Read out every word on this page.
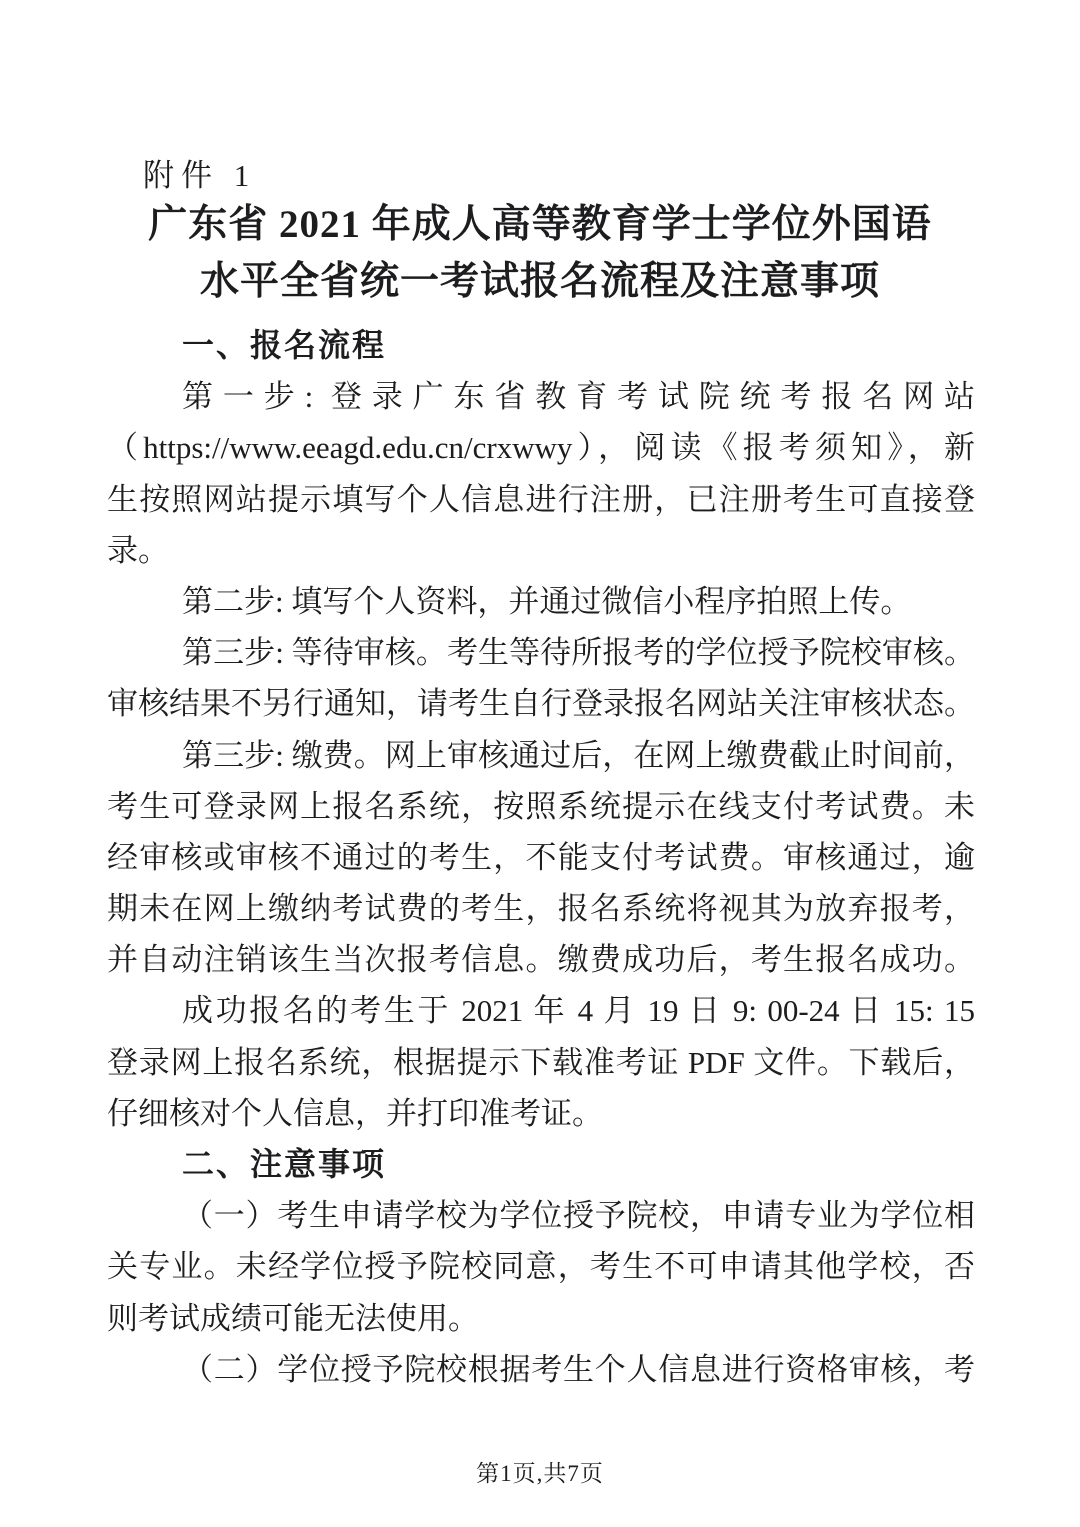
附件 1
广东省 2021 年成人高等教育学士学位外国语
水平全省统一考试报名流程及注意事项
一、报名流程
第一步: 登录广东省教育考试院统考报名网站
（https://www.eeagd.edu.cn/crxwwy），阅读《报考须知》，新
生按照网站提示填写个人信息进行注册，已注册考生可直接登
录。
第二步: 填写个人资料，并通过微信小程序拍照上传。
第三步: 等待审核。考生等待所报考的学位授予院校审核。
审核结果不另行通知，请考生自行登录报名网站关注审核状态。
第三步: 缴费。网上审核通过后，在网上缴费截止时间前，
考生可登录网上报名系统，按照系统提示在线支付考试费。未
经审核或审核不通过的考生，不能支付考试费。审核通过，逾
期未在网上缴纳考试费的考生，报名系统将视其为放弃报考，
并自动注销该生当次报考信息。缴费成功后，考生报名成功。
成功报名的考生于 2021 年 4 月 19 日 9: 00-24 日 15: 15
登录网上报名系统，根据提示下载准考证 PDF 文件。下载后，
仔细核对个人信息，并打印准考证。
二、注意事项
（一）考生申请学校为学位授予院校，申请专业为学位相
关专业。未经学位授予院校同意，考生不可申请其他学校，否
则考试成绩可能无法使用。
（二）学位授予院校根据考生个人信息进行资格审核，考
第1页,共7页
